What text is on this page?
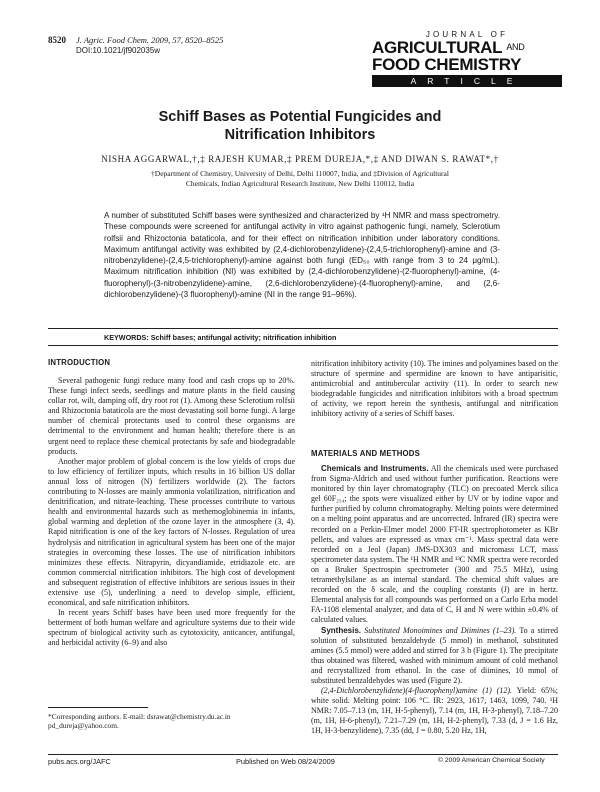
8520 J. Agric. Food Chem. 2009, 57, 8520–8525
DOI:10.1021/jf902035w
JOURNAL OF
AGRICULTURAL $^{AND}$
FOOD CHEMISTRY
ARTICLE
Schiff Bases as Potential Fungicides and
Nitrification Inhibitors
NISHA AGGARWAL,†,‡ RAJESH KUMAR,‡ PREM DUREJA,*,‡ AND DIWAN S. RAWAT*,†
†Department of Chemistry, University of Delhi, Delhi 110007, India, and ‡Division of Agricultural
Chemicals, Indian Agricultural Research Institute, New Delhi 110012, India
A number of substituted Schiff bases were synthesized and characterized by ¹H NMR and mass spectrometry. These compounds were screened for antifungal activity in vitro against pathogenic fungi, namely, Sclerotium rolfsii and Rhizoctonia bataticola, and for their effect on nitrification inhibition under laboratory conditions. Maximum antifungal activity was exhibited by (2,4-dichlorobenzylidene)-(2,4,5-trichlorophenyl)-amine and (3-nitrobenzylidene)-(2,4,5-trichlorophenyl)-amine against both fungi (ED₅₀ with range from 3 to 24 μg/mL). Maximum nitrification inhibition (NI) was exhibited by (2,4-dichlorobenzylidene)-(2-fluorophenyl)-amine, (4-fluorophenyl)-(3-nitrobenzylidene)-amine, (2,6-dichlorobenzylidene)-(4-fluorophenyl)-amine, and (2,6-dichlorobenzylidene)-(3 fluorophenyl)-amine (NI in the range 91–96%).
KEYWORDS: Schiff bases; antifungal activity; nitrification inhibition
INTRODUCTION

Several pathogenic fungi reduce many food and cash crops up to 20%. These fungi infect seeds, seedlings and mature plants in the field causing collar rot, wilt, damping off, dry root rot (1). Among these Sclerotium rolfsii and Rhizoctonia bataticola are the most devastating soil borne fungi. A large number of chemical protectants used to control these organisms are detrimental to the environment and human health; therefore there is an urgent need to replace these chemical protectants by safe and biodegradable products.

Another major problem of global concern is the low yields of crops due to low efficiency of fertilizer inputs, which results in 16 billion US dollar annual loss of nitrogen (N) fertilizers worldwide (2). The factors contributing to N-losses are mainly ammonia volatilization, nitrification and denitrification, and nitrate-leaching. These processes contribute to various health and environmental hazards such as methemoglobinemia in infants, global warming and depletion of the ozone layer in the atmosphere (3, 4). Rapid nitrification is one of the key factors of N-losses. Regulation of urea hydrolysis and nitrification in agricultural system has been one of the major strategies in overcoming these losses. The use of nitrification inhibitors minimizes these effects. Nitrapyrin, dicyandiamide, etridiazole etc. are common commercial nitrification inhibitors. The high cost of development and subsequent registration of effective inhibitors are serious issues in their extensive use (5), underlining a need to develop simple, efficient, economical, and safe nitrification inhibitors.

In recent years Schiff bases have been used more frequently for the betterment of both human welfare and agriculture systems due to their wide spectrum of biological activity such as cytotoxicity, anticancer, antifungal, and herbicidal activity (6–9) and also

*Corresponding authors. E-mail: dsrawat@chemistry.du.ac.in pd_dureja@yahoo.com.

nitrification inhibitory activity (10). The imines and polyamines based on the structure of spermine and spermidine are known to have antiparisitic, antimicrobial and antitubercular activity (11). In order to search new biodegradable fungicides and nitrification inhibitors with a broad spectrum of activity, we report herein the synthesis, antifungal and nitrification inhibitory activity of a series of Schiff bases.

MATERIALS AND METHODS

Chemicals and Instruments. All the chemicals used were purchased from Sigma-Aldrich and used without further purification. Reactions were monitored by thin layer chromatography (TLC) on precoated Merck silica gel 60F₂₅₄; the spots were visualized either by UV or by iodine vapor and further purified by column chromatography. Melting points were determined on a melting point apparatus and are uncorrected. Infrared (IR) spectra were recorded on a Perkin-Elmer model 2000 FT-IR spectrophotometer as KBr pellets, and values are expressed as νmax cm⁻¹. Mass spectral data were recorded on a Jeol (Japan) JMS-DX303 and micromass LCT, mass spectrometer data system. The ¹H NMR and ¹³C NMR spectra were recorded on a Bruker Spectrospin spectrometer (300 and 75.5 MHz), using tetramethylsilane as an internal standard. The chemical shift values are recorded on the δ scale, and the coupling constants (J) are in hertz. Elemental analysis for all compounds was performed on a Carlo Erba model FA-1108 elemental analyzer, and data of C, H and N were within ±0.4% of calculated values.

Synthesis. Substituted Monoimines and Diimines (1–23). To a stirred solution of substituted benzaldehyde (5 mmol) in methanol, substituted amines (5.5 mmol) were added and stirred for 3 h (Figure 1). The precipitate thus obtained was filtered, washed with minimum amount of cold methanol and recrystallized from ethanol. In the case of diimines, 10 mmol of substituted benzaldehydes was used (Figure 2).

(2,4-Dichlorobenzylidene)(4-fluorophenyl)amine (1) (12). Yield: 65%; white solid. Melting point: 106 °C. IR: 2923, 1617, 1463, 1099, 740. ¹H NMR: 7.05–7.13 (m, 1H, H-5-phenyl), 7.14 (m, 1H, H-3-phenyl), 7.18–7.20 (m, 1H, H-6-phenyl), 7.21–7.29 (m, 1H, H-2-phenyl), 7.33 (d, J = 1.6 Hz, 1H, H-3-benzylidene), 7.35 (dd, J = 0.80, 5.20 Hz, 1H,

pubs.acs.org/JAFC	Published on Web 08/24/2009	© 2009 American Chemical Society
